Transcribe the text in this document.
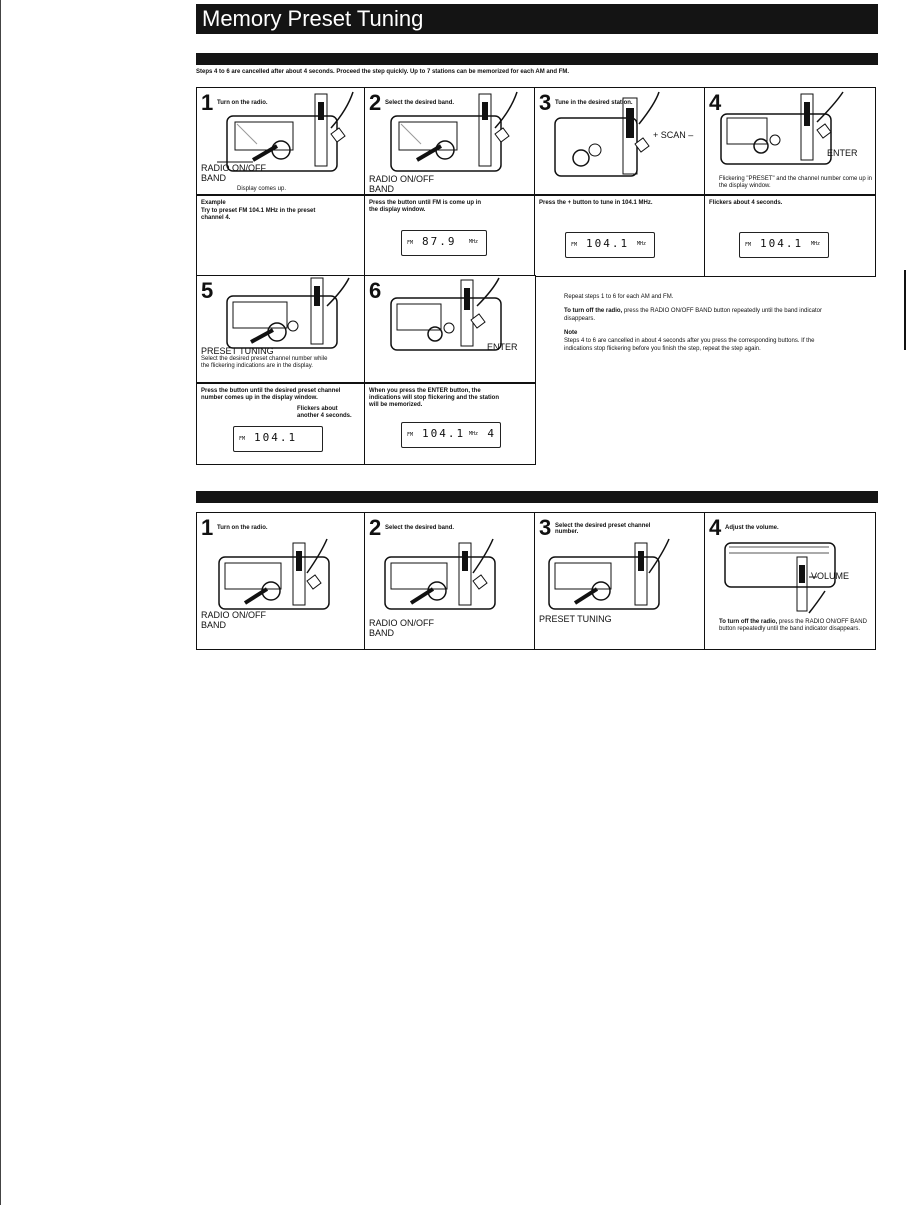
Memory Preset Tuning
Steps 4 to 6 are cancelled after about 4 seconds. Proceed the step quickly. Up to 7 stations can be memorized for each AM and FM.
1 Turn on the radio.
RADIO ON/OFF
BAND
Display comes up.
Example
Try to preset FM 104.1 MHz in the preset channel 4.
2 Select the desired band.
RADIO ON/OFF
BAND
Press the button until FM is come up in the display window.
FM 87.9 MHz
3 Tune in the desired station.
+ SCAN –
Press the + button to tune in 104.1 MHz.
FM 104.1 MHz
4
ENTER
Flickering "PRESET" and the channel number come up in the display window.
Flickers about 4 seconds.
FM 104.1 MHz
5
PRESET TUNING
Select the desired preset channel number while the flickering indications are in the display.
Press the button until the desired preset channel number comes up in the display window.
Flickers about another 4 seconds.
FM 104.1
6
ENTER
When you press the ENTER button, the indications will stop flickering and the station will be memorized.
FM 104.1 MHz 4
Repeat steps 1 to 6 for each AM and FM.
To turn off the radio, press the RADIO ON/OFF BAND button repeatedly until the band indicator disappears.
Note
Steps 4 to 6 are cancelled in about 4 seconds after you press the corresponding buttons. If the indications stop flickering before you finish the step, repeat the step again.
1 Turn on the radio.
RADIO ON/OFF
BAND
2 Select the desired band.
RADIO ON/OFF
BAND
3 Select the desired preset channel number.
PRESET TUNING
4 Adjust the volume.
VOLUME
To turn off the radio, press the RADIO ON/OFF BAND button repeatedly until the band indicator disappears.
